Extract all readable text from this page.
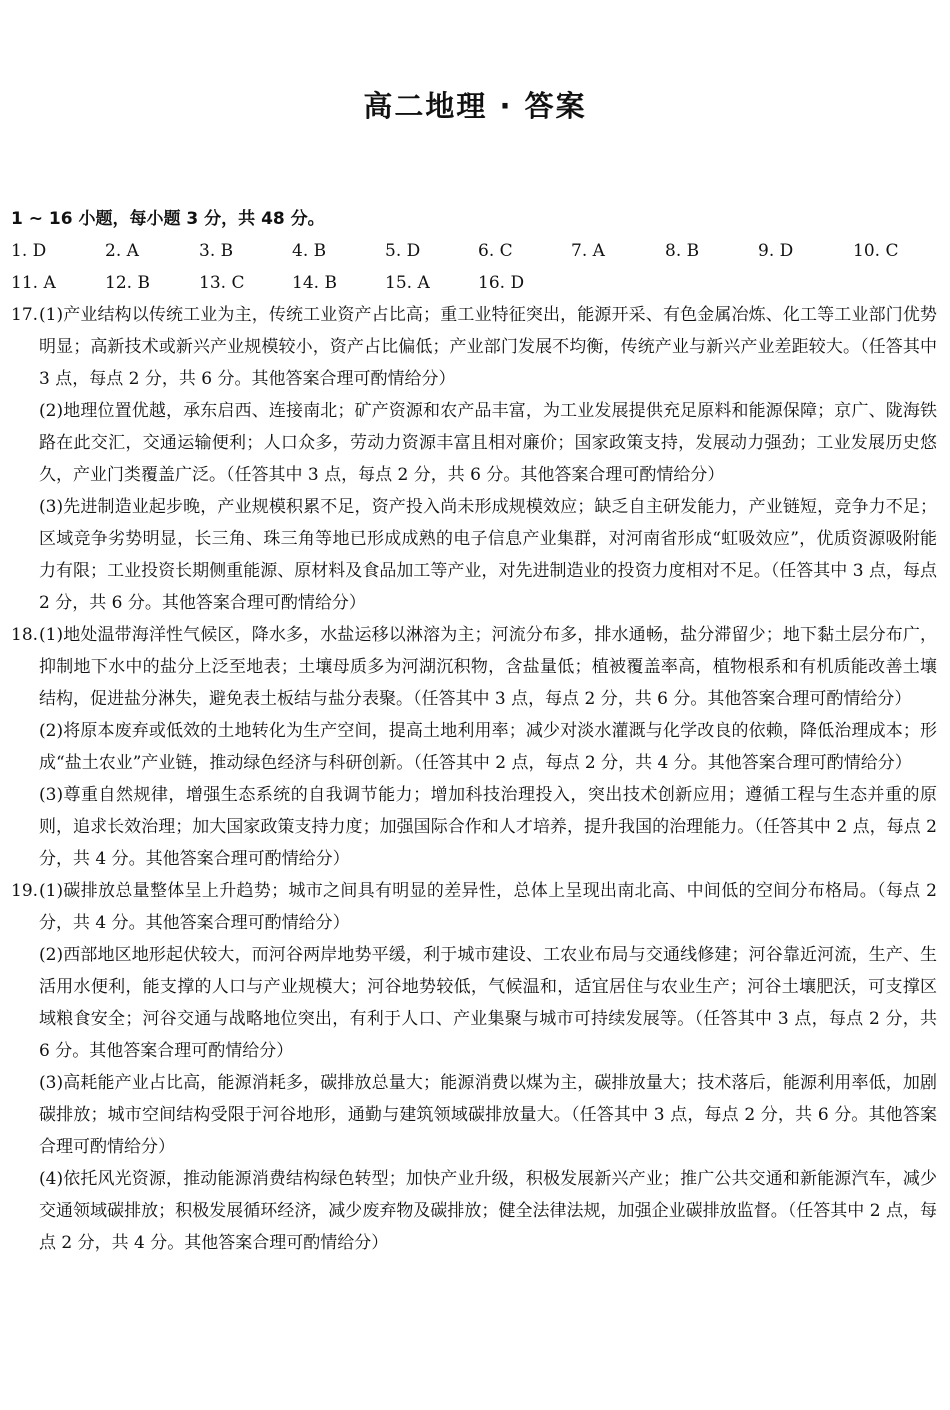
高二地理 · 答案
1 ~ 16 小题，每小题 3 分，共 48 分。
1. D	2. A	3. B	4. B	5. D	6. C	7. A	8. B	9. D	10. C
11. A	12. B	13. C	14. B	15. A	16. D
17. (1)产业结构以传统工业为主，传统工业资产占比高；重工业特征突出，能源开采、有色金属冶炼、化工等工业部门优势明显；高新技术或新兴产业规模较小，资产占比偏低；产业部门发展不均衡，传统产业与新兴产业差距较大。（任答其中 3 点，每点 2 分，共 6 分。其他答案合理可酌情给分）
(2)地理位置优越，承东启西、连接南北；矿产资源和农产品丰富，为工业发展提供充足原料和能源保障；京广、陇海铁路在此交汇，交通运输便利；人口众多，劳动力资源丰富且相对廉价；国家政策支持，发展动力强劲；工业发展历史悠久，产业门类覆盖广泛。（任答其中 3 点，每点 2 分，共 6 分。其他答案合理可酌情给分）
(3)先进制造业起步晚，产业规模积累不足，资产投入尚未形成规模效应；缺乏自主研发能力，产业链短，竞争力不足；区域竞争劣势明显，长三角、珠三角等地已形成成熟的电子信息产业集群，对河南省形成“虹吸效应”，优质资源吸附能力有限；工业投资长期侧重能源、原材料及食品加工等产业，对先进制造业的投资力度相对不足。（任答其中 3 点，每点 2 分，共 6 分。其他答案合理可酌情给分）
18. (1)地处温带海洋性气候区，降水多，水盐运移以淋溶为主；河流分布多，排水通畅，盐分滞留少；地下黏土层分布广，抑制地下水中的盐分上泛至地表；土壤母质多为河湖沉积物，含盐量低；植被覆盖率高，植物根系和有机质能改善土壤结构，促进盐分淋失，避免表土板结与盐分表聚。（任答其中 3 点，每点 2 分，共 6 分。其他答案合理可酌情给分）
(2)将原本废弃或低效的土地转化为生产空间，提高土地利用率；减少对淡水灌溉与化学改良的依赖，降低治理成本；形成“盐土农业”产业链，推动绿色经济与科研创新。（任答其中 2 点，每点 2 分，共 4 分。其他答案合理可酌情给分）
(3)尊重自然规律，增强生态系统的自我调节能力；增加科技治理投入，突出技术创新应用；遵循工程与生态并重的原则，追求长效治理；加大国家政策支持力度；加强国际合作和人才培养，提升我国的治理能力。（任答其中 2 点，每点 2 分，共 4 分。其他答案合理可酌情给分）
19. (1)碳排放总量整体呈上升趋势；城市之间具有明显的差异性，总体上呈现出南北高、中间低的空间分布格局。（每点 2 分，共 4 分。其他答案合理可酌情给分）
(2)西部地区地形起伏较大，而河谷两岸地势平缓，利于城市建设、工农业布局与交通线修建；河谷靠近河流，生产、生活用水便利，能支撑的人口与产业规模大；河谷地势较低，气候温和，适宜居住与农业生产；河谷土壤肥沃，可支撑区域粮食安全；河谷交通与战略地位突出，有利于人口、产业集聚与城市可持续发展等。（任答其中 3 点，每点 2 分，共 6 分。其他答案合理可酌情给分）
(3)高耗能产业占比高，能源消耗多，碳排放总量大；能源消费以煤为主，碳排放量大；技术落后，能源利用率低，加剧碳排放；城市空间结构受限于河谷地形，通勤与建筑领域碳排放量大。（任答其中 3 点，每点 2 分，共 6 分。其他答案合理可酌情给分）
(4)依托风光资源，推动能源消费结构绿色转型；加快产业升级，积极发展新兴产业；推广公共交通和新能源汽车，减少交通领域碳排放；积极发展循环经济，减少废弃物及碳排放；健全法律法规，加强企业碳排放监督。（任答其中 2 点，每点 2 分，共 4 分。其他答案合理可酌情给分）
